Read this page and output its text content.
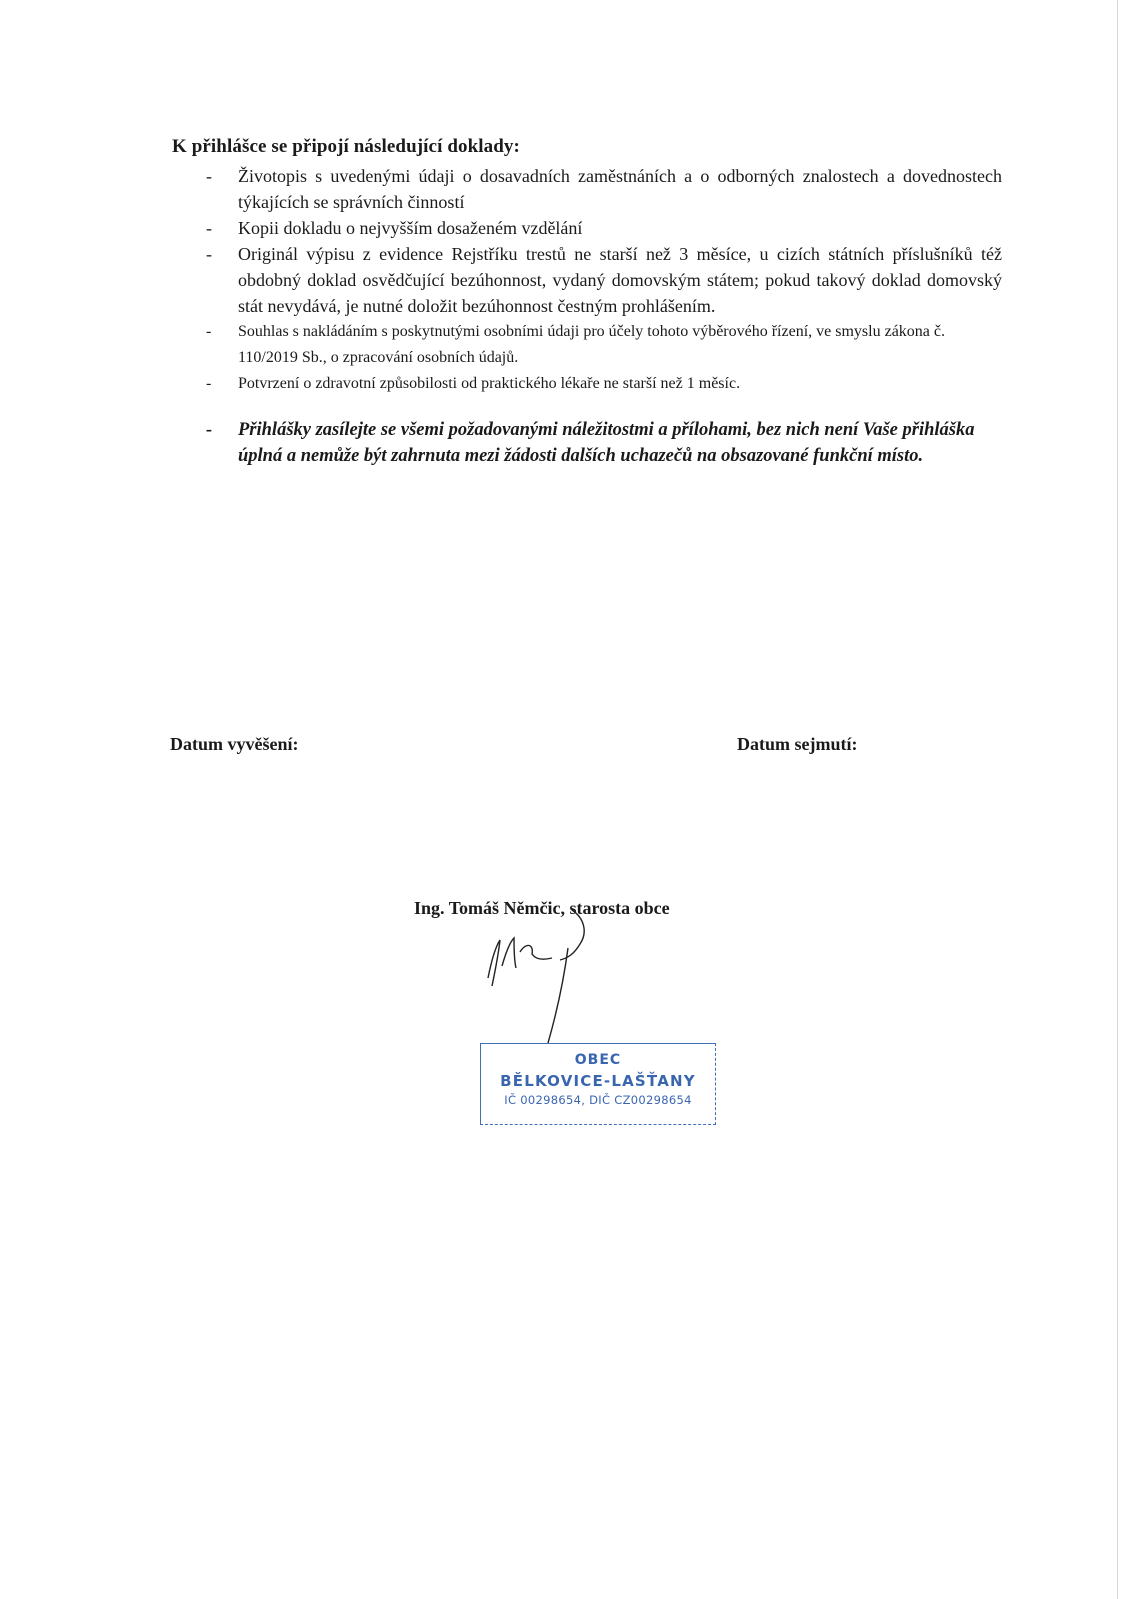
K přihlášce se připojí následující doklady:
- Životopis s uvedenými údaji o dosavadních zaměstnáních a o odborných znalostech a dovednostech týkajících se správních činností
- Kopii dokladu o nejvyšším dosaženém vzdělání
- Originál výpisu z evidence Rejstříku trestů ne starší než 3 měsíce, u cizích státních příslušníků též obdobný doklad osvědčující bezúhonnost, vydaný domovským státem; pokud takový doklad domovský stát nevydává, je nutné doložit bezúhonnost čestným prohlášením.
- Souhlas s nakládáním s poskytnutými osobními údaji pro účely tohoto výběrového řízení, ve smyslu zákona č. 110/2019 Sb., o zpracování osobních údajů.
- Potvrzení o zdravotní způsobilosti od praktického lékaře ne starší než 1 měsíc.
- Přihlášky zasílejte se všemi požadovanými náležitostmi a přílohami, bez nich není Vaše přihláška úplná a nemůže být zahrnuta mezi žádosti dalších uchazečů na obsazované funkční místo.
Datum vyvěšení:	Datum sejmutí:
Ing. Tomáš Němčic, starosta obce
OBEC
BĚLKOVICE-LAŠŤANY
IČ 00298654, DIČ CZ00298654
